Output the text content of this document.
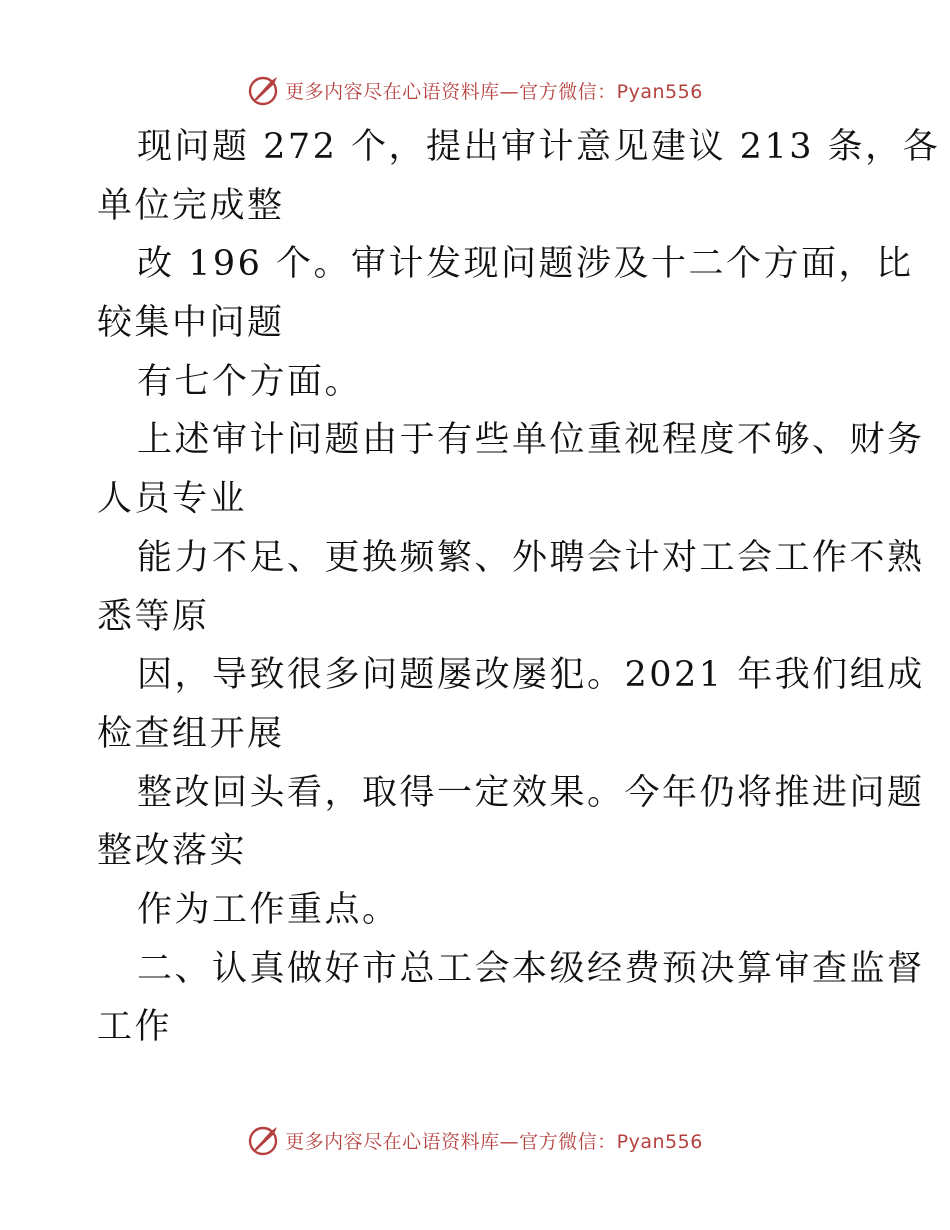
更多内容尽在心语资料库—官方微信：Pyan556
现问题 272 个，提出审计意见建议 213 条，各
单位完成整
改 196 个。审计发现问题涉及十二个方面，比
较集中问题
有七个方面。
上述审计问题由于有些单位重视程度不够、财务
人员专业
能力不足、更换频繁、外聘会计对工会工作不熟
悉等原
因，导致很多问题屡改屡犯。2021 年我们组成
检查组开展
整改回头看，取得一定效果。今年仍将推进问题
整改落实
作为工作重点。
二、认真做好市总工会本级经费预决算审查监督
工作
更多内容尽在心语资料库—官方微信：Pyan556
